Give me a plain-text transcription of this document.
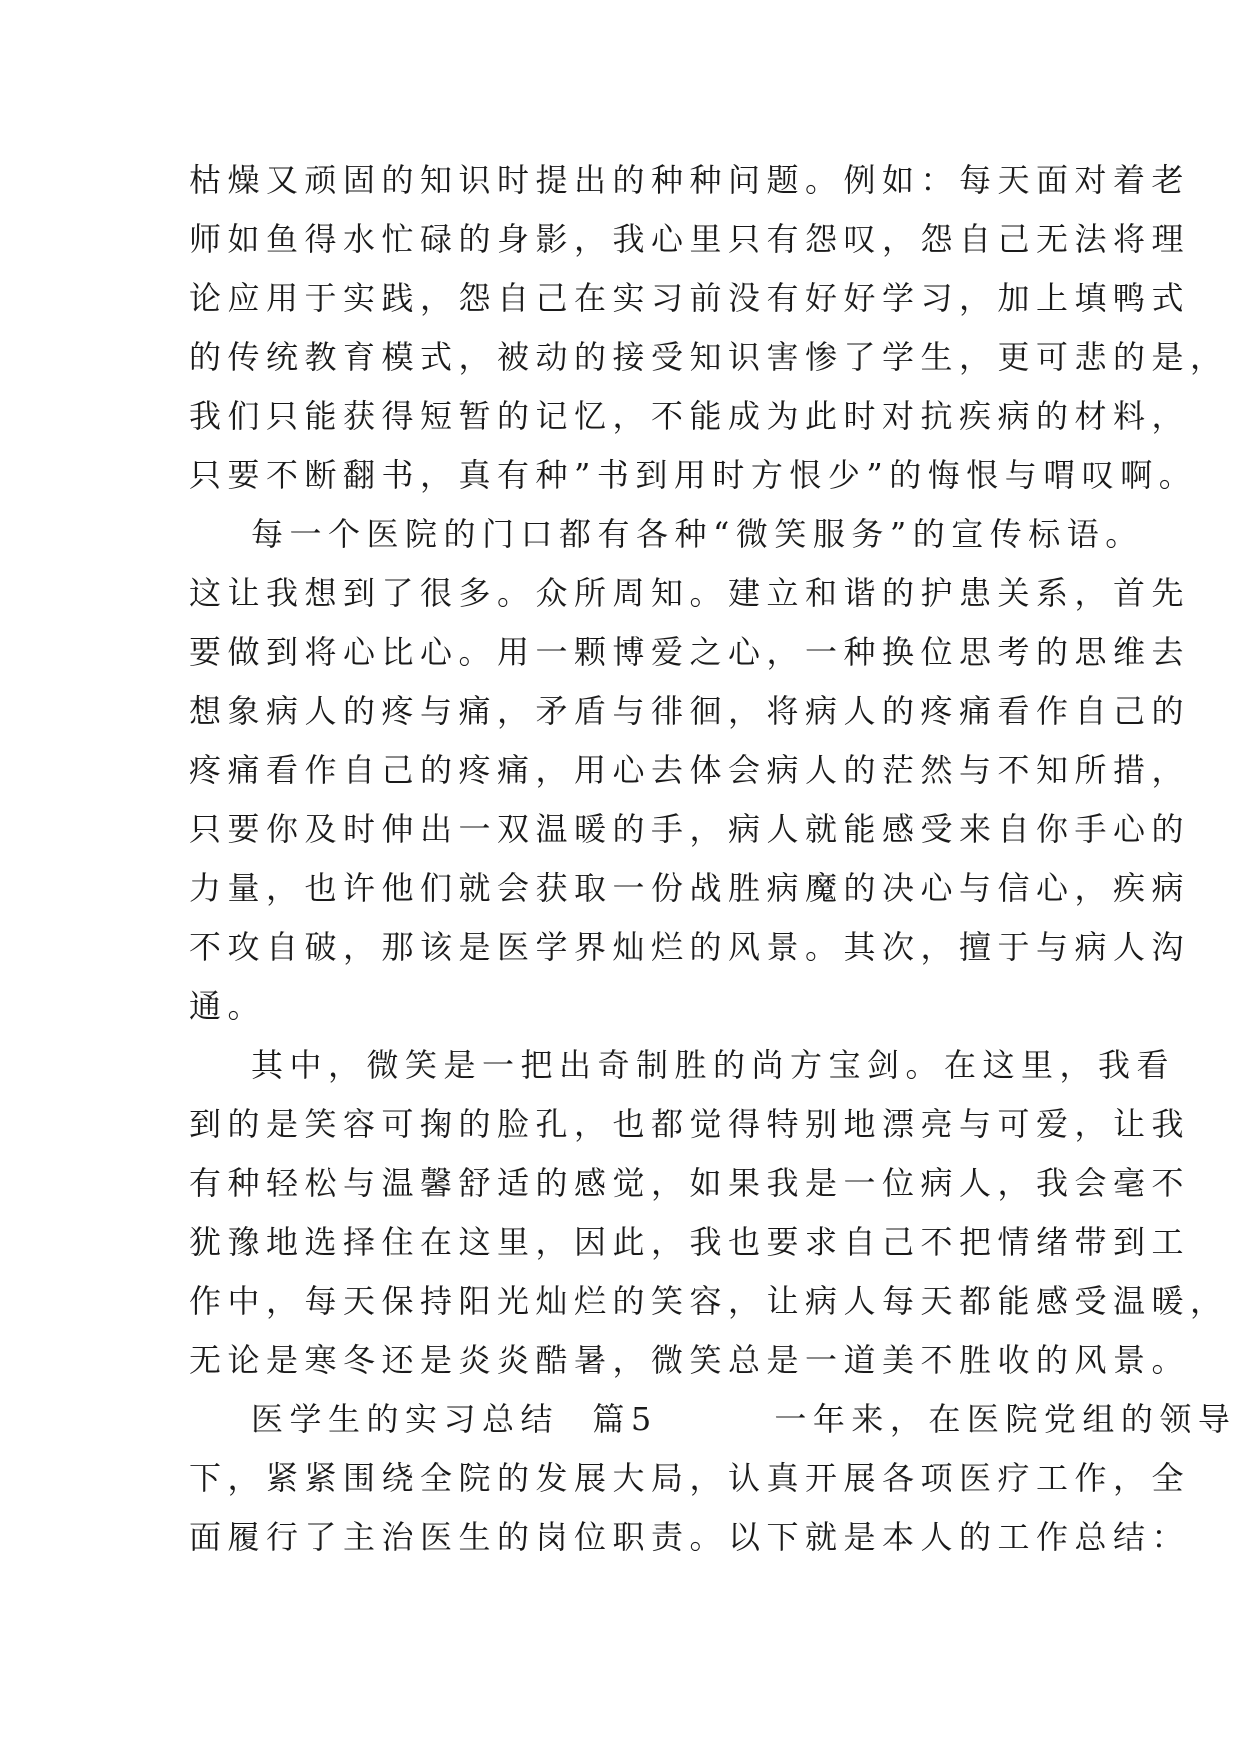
枯燥又顽固的知识时提出的种种问题。例如：每天面对着老
师如鱼得水忙碌的身影，我心里只有怨叹，怨自己无法将理
论应用于实践，怨自己在实习前没有好好学习，加上填鸭式
的传统教育模式，被动的接受知识害惨了学生，更可悲的是，
我们只能获得短暂的记忆，不能成为此时对抗疾病的材料，
只要不断翻书，真有种”书到用时方恨少”的悔恨与喟叹啊。
每一个医院的门口都有各种“微笑服务”的宣传标语。
这让我想到了很多。众所周知。建立和谐的护患关系，首先
要做到将心比心。用一颗博爱之心，一种换位思考的思维去
想象病人的疼与痛，矛盾与徘徊，将病人的疼痛看作自己的
疼痛看作自己的疼痛，用心去体会病人的茫然与不知所措，
只要你及时伸出一双温暖的手，病人就能感受来自你手心的
力量，也许他们就会获取一份战胜病魔的决心与信心，疾病
不攻自破，那该是医学界灿烂的风景。其次，擅于与病人沟
通。
其中，微笑是一把出奇制胜的尚方宝剑。在这里，我看
到的是笑容可掬的脸孔，也都觉得特别地漂亮与可爱，让我
有种轻松与温馨舒适的感觉，如果我是一位病人，我会毫不
犹豫地选择住在这里，因此，我也要求自己不把情绪带到工
作中，每天保持阳光灿烂的笑容，让病人每天都能感受温暖，
无论是寒冬还是炎炎酷暑，微笑总是一道美不胜收的风景。
医学生的实习总结  篇5       一年来，在医院党组的领导
下，紧紧围绕全院的发展大局，认真开展各项医疗工作，全
面履行了主治医生的岗位职责。以下就是本人的工作总结：
